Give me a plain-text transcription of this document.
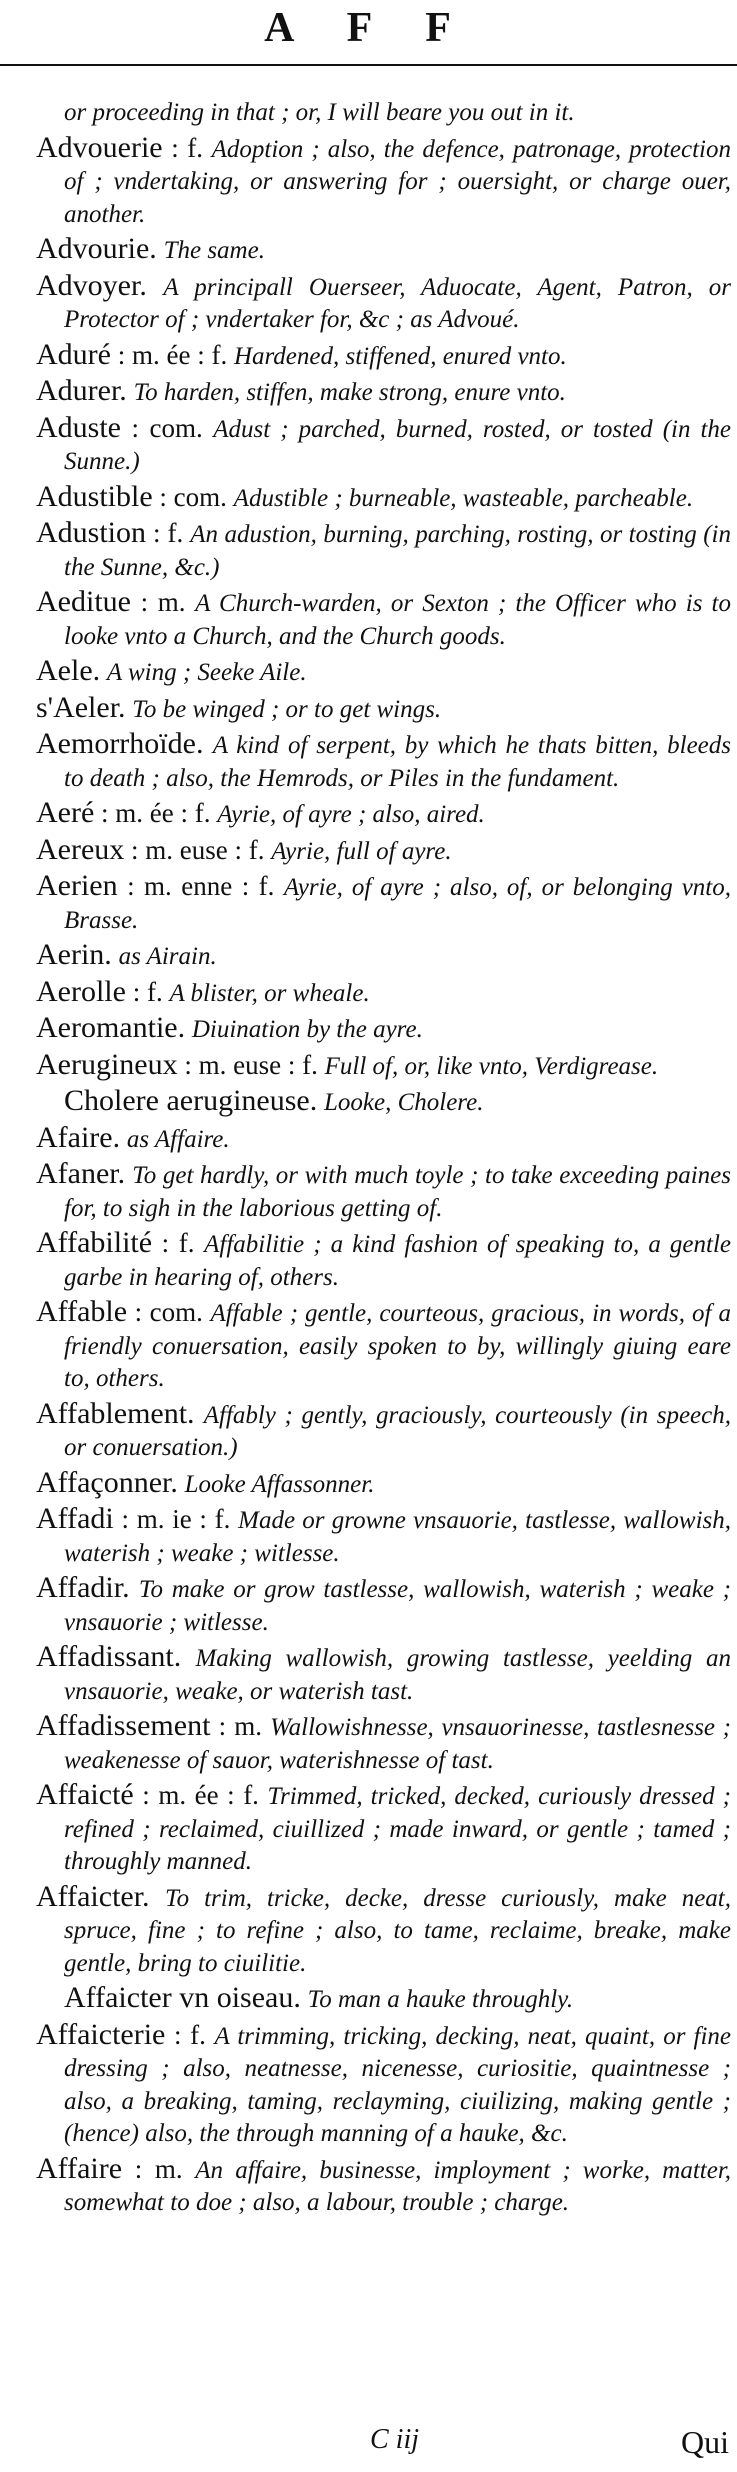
A F F

or proceeding in that ; or, I will beare you out in it.

Advouerie : f. Adoption ; also, the defence, patronage, protection of ; vndertaking, or answering for ; ouersight, or charge ouer, another.

Advourie. The same.

Advoyer. A principall Ouerseer, Aduocate, Agent, Patron, or Protector of ; vndertaker for, &c ; as Advoué.

Aduré : m. ée : f. Hardened, stiffened, enured vnto.

Adurer. To harden, stiffen, make strong, enure vnto.

Aduste : com. Adust ; parched, burned, rosted, or tosted (in the Sunne.)

Adustible : com. Adustible ; burneable, wasteable, parcheable.

Adustion : f. An adustion, burning, parching, rosting, or tosting (in the Sunne, &c.)

Aeditue : m. A Church-warden, or Sexton ; the Officer who is to looke vnto a Church, and the Church goods.

Aele. A wing ; Seeke Aile.

s'Aeler. To be winged ; or to get wings.

Aemorrhoïde. A kind of serpent, by which he thats bitten, bleeds to death ; also, the Hemrods, or Piles in the fundament.

Aeré : m. ée : f. Ayrie, of ayre ; also, aired.

Aereux : m. euse : f. Ayrie, full of ayre.

Aerien : m. enne : f. Ayrie, of ayre ; also, of, or belonging vnto, Brasse.

Aerin. as Airain.

Aerolle : f. A blister, or wheale.

Aeromantie. Diuination by the ayre.

Aerugineux : m. euse : f. Full of, or, like vnto, Verdigrease.

Cholere aerugineuse. Looke, Cholere.

Afaire. as Affaire.

Afaner. To get hardly, or with much toyle ; to take exceeding paines for, to sigh in the laborious getting of.

Affabilité : f. Affabilitie ; a kind fashion of speaking to, a gentle garbe in hearing of, others.

Affable : com. Affable ; gentle, courteous, gracious, in words, of a friendly conuersation, easily spoken to by, willingly giuing eare to, others.

Affablement. Affably ; gently, graciously, courteously (in speech, or conuersation.)

Affaçonner. Looke Affassonner.

Affadi : m. ie : f. Made or growne vnsauorie, tastlesse, wallowish, waterish ; weake ; witlesse.

Affadir. To make or grow tastlesse, wallowish, waterish ; weake ; vnsauorie ; witlesse.

Affadissant. Making wallowish, growing tastlesse, yeelding an vnsauorie, weake, or waterish tast.

Affadissement : m. Wallowishnesse, vnsauorinesse, tastlesnesse ; weakenesse of sauor, waterishnesse of tast.

Affaicté : m. ée : f. Trimmed, tricked, decked, curiously dressed ; refined ; reclaimed, ciuillized ; made inward, or gentle ; tamed ; throughly manned.

Affaicter. To trim, tricke, decke, dresse curiously, make neat, spruce, fine ; to refine ; also, to tame, reclaime, breake, make gentle, bring to ciuilitie.

Affaicter vn oiseau. To man a hauke throughly.

Affaicterie : f. A trimming, tricking, decking, neat, quaint, or fine dressing ; also, neatnesse, nicenesse, curiositie, quaintnesse ; also, a breaking, taming, reclayming, ciuilizing, making gentle ; (hence) also, the through manning of a hauke, &c.

Affaire : m. An affaire, businesse, imployment ; worke, matter, somewhat to doe ; also, a labour, trouble ; charge.

C iij	Qui
